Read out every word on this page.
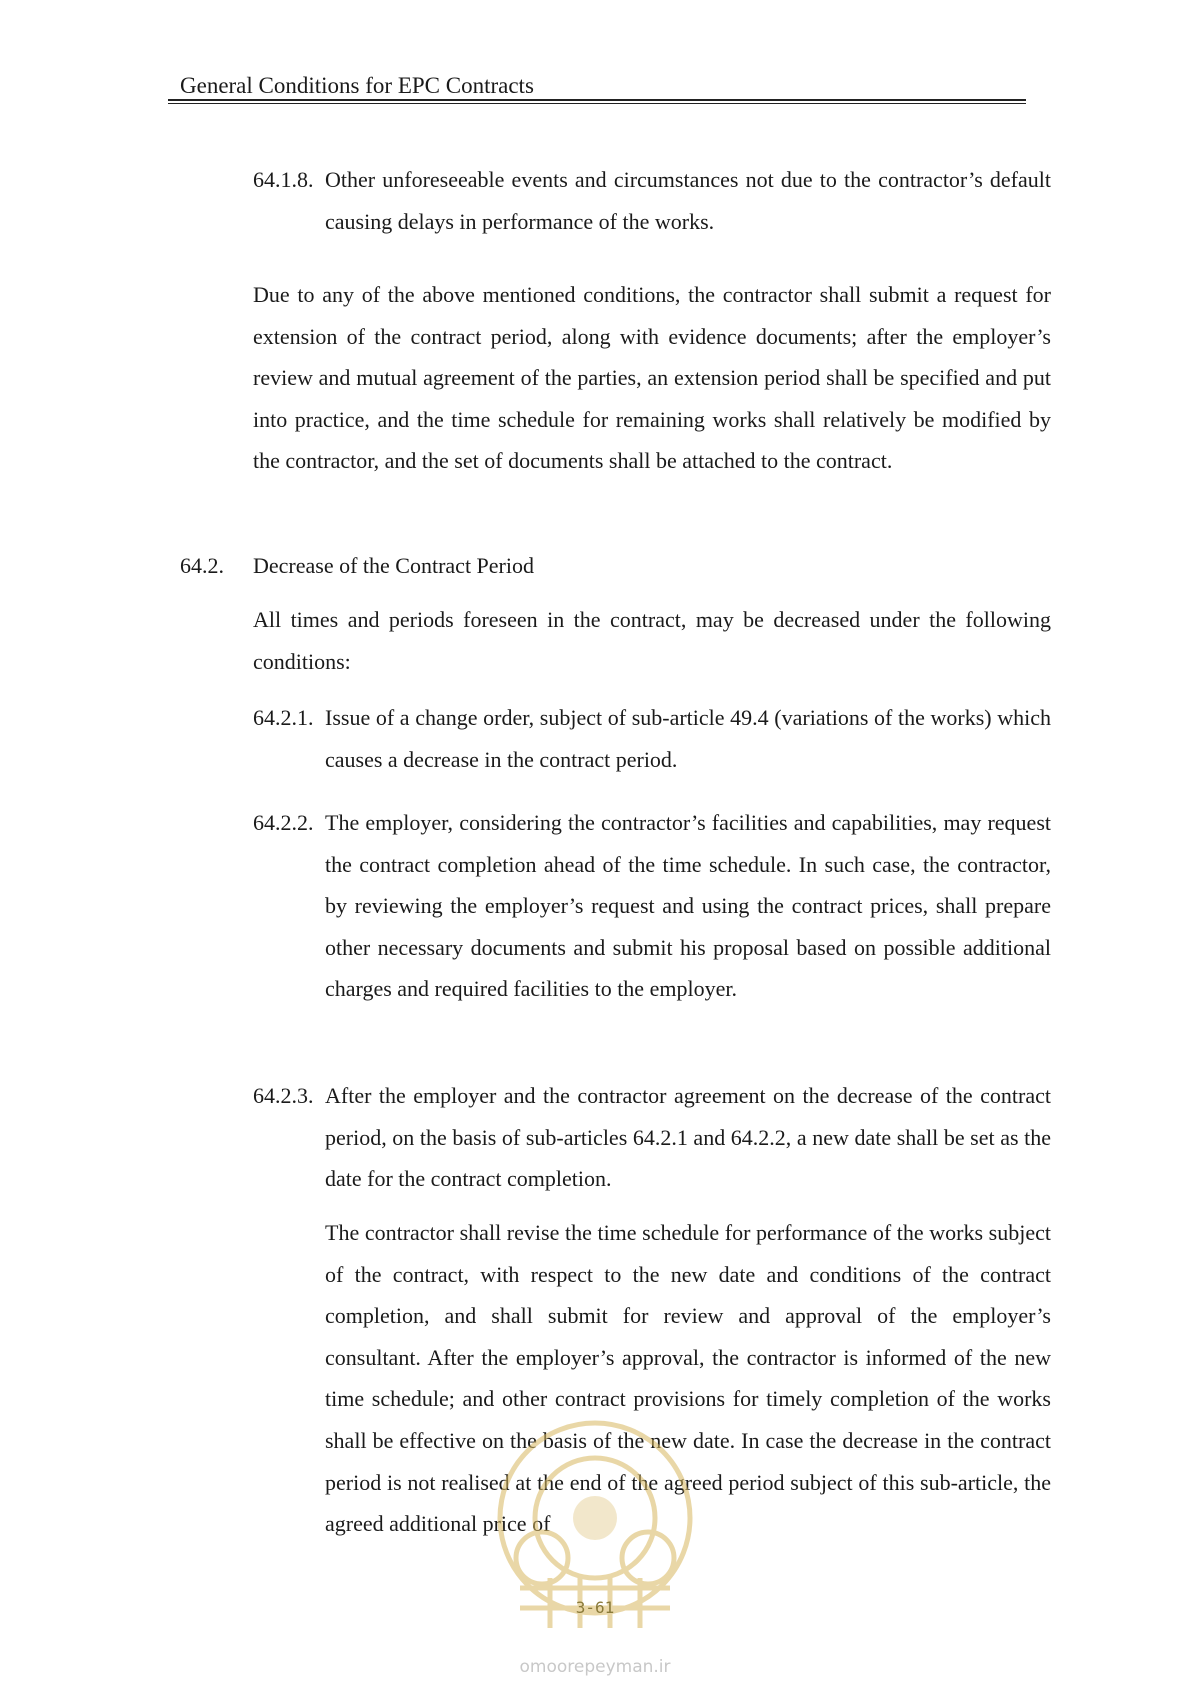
General Conditions for EPC Contracts

64.1.8. Other unforeseeable events and circumstances not due to the contractor’s default causing delays in performance of the works.

Due to any of the above mentioned conditions, the contractor shall submit a request for extension of the contract period, along with evidence documents; after the employer’s review and mutual agreement of the parties, an extension period shall be specified and put into practice, and the time schedule for remaining works shall relatively be modified by the contractor, and the set of documents shall be attached to the contract.

64.2. Decrease of the Contract Period

All times and periods foreseen in the contract, may be decreased under the following conditions:

64.2.1. Issue of a change order, subject of sub-article 49.4 (variations of the works) which causes a decrease in the contract period.

64.2.2. The employer, considering the contractor’s facilities and capabilities, may request the contract completion ahead of the time schedule. In such case, the contractor, by reviewing the employer’s request and using the contract prices, shall prepare other necessary documents and submit his proposal based on possible additional charges and required facilities to the employer.

64.2.3. After the employer and the contractor agreement on the decrease of the contract period, on the basis of sub-articles 64.2.1 and 64.2.2, a new date shall be set as the date for the contract completion.

The contractor shall revise the time schedule for performance of the works subject of the contract, with respect to the new date and conditions of the contract completion, and shall submit for review and approval of the employer’s consultant. After the employer’s approval, the contractor is informed of the new time schedule; and other contract provisions for timely completion of the works shall be effective on the basis of the new date. In case the decrease in the contract period is not realised at the end of the agreed period subject of this sub-article, the agreed additional price of

3-61
omoorepeyman.ir
